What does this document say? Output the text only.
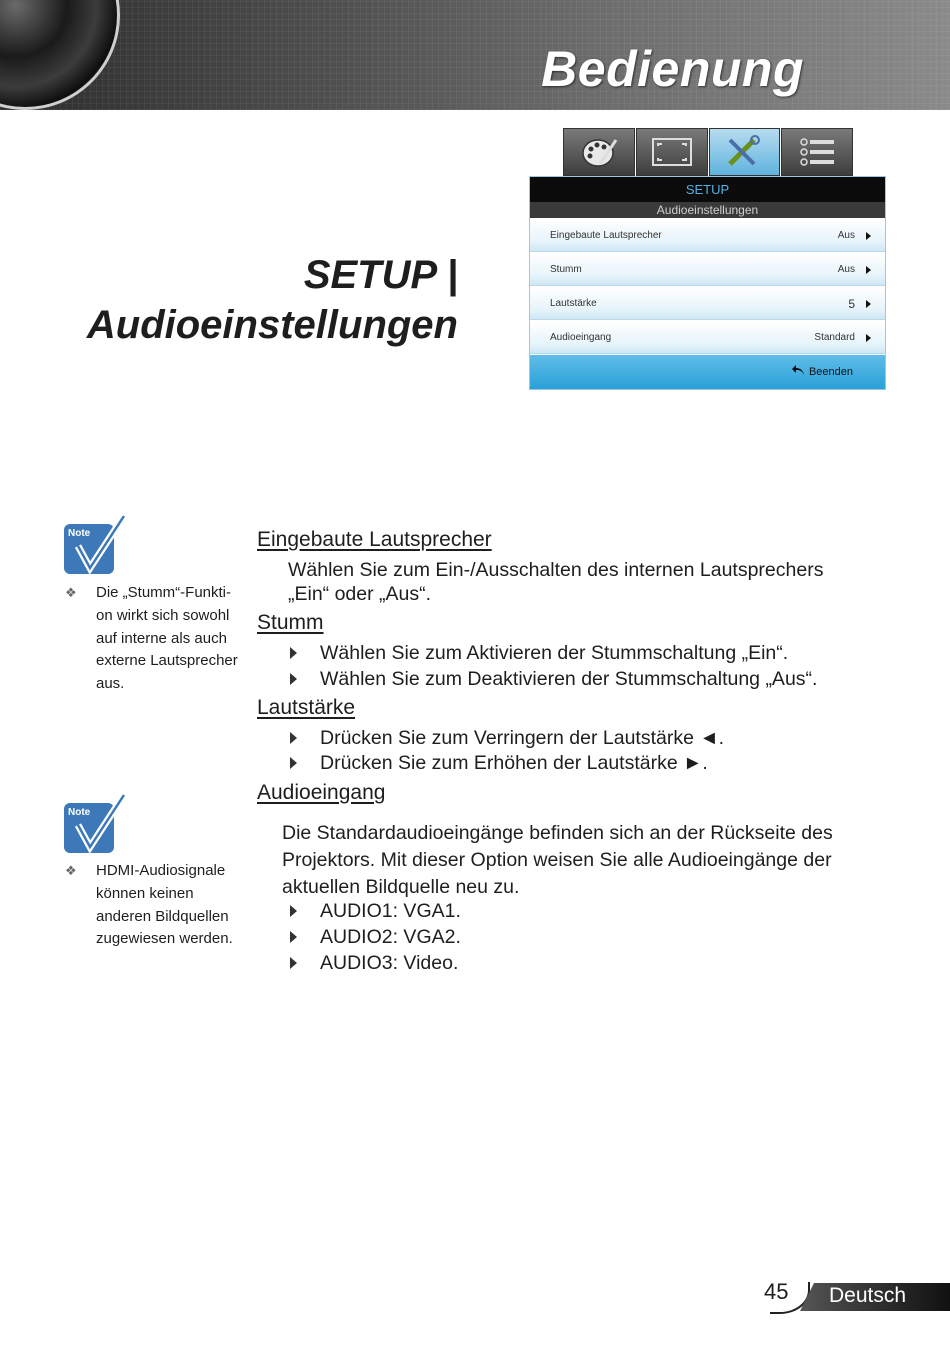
Bedienung
SETUP |
Audioeinstellungen
SETUP
Audioeinstellungen
Eingebaute Lautsprecher	Aus
Stumm	Aus
Lautstärke	5
Audioeingang	Standard
Beenden
Note
❖ Die „Stumm“-Funkti-
on wirkt sich sowohl
auf interne als auch
externe Lautsprecher
aus.
Note
❖ HDMI-Audiosignale
können keinen
anderen Bildquellen
zugewiesen werden.
Eingebaute Lautsprecher
Wählen Sie zum Ein-/Ausschalten des internen Lautsprechers
„Ein“ oder „Aus“.
Stumm
Wählen Sie zum Aktivieren der Stummschaltung „Ein“.
Wählen Sie zum Deaktivieren der Stummschaltung „Aus“.
Lautstärke
Drücken Sie zum Verringern der Lautstärke ◄.
Drücken Sie zum Erhöhen der Lautstärke ►.
Audioeingang
Die Standardaudioeingänge befinden sich an der Rückseite des
Projektors. Mit dieser Option weisen Sie alle Audioeingänge der
aktuellen Bildquelle neu zu.
AUDIO1: VGA1.
AUDIO2: VGA2.
AUDIO3: Video.
45 Deutsch
